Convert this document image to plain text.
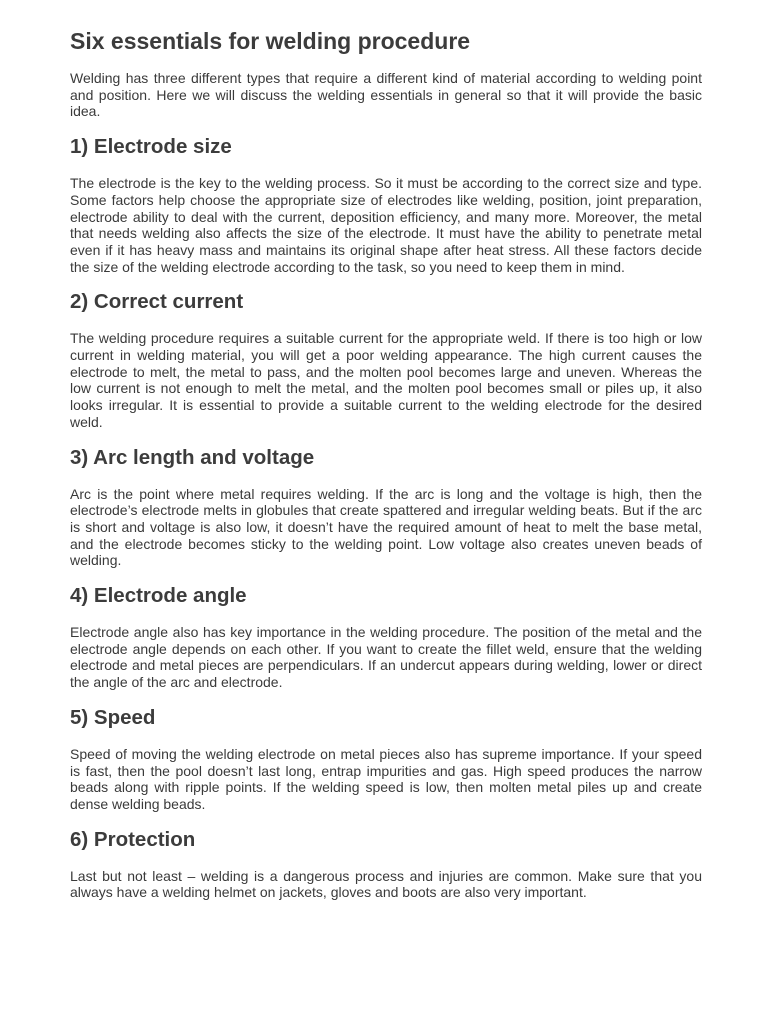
Six essentials for welding procedure

Welding has three different types that require a different kind of material according to welding point and position. Here we will discuss the welding essentials in general so that it will provide the basic idea.

1) Electrode size

The electrode is the key to the welding process. So it must be according to the correct size and type. Some factors help choose the appropriate size of electrodes like welding, position, joint preparation, electrode ability to deal with the current, deposition efficiency, and many more. Moreover, the metal that needs welding also affects the size of the electrode. It must have the ability to penetrate metal even if it has heavy mass and maintains its original shape after heat stress. All these factors decide the size of the welding electrode according to the task, so you need to keep them in mind.

2) Correct current

The welding procedure requires a suitable current for the appropriate weld. If there is too high or low current in welding material, you will get a poor welding appearance. The high current causes the electrode to melt, the metal to pass, and the molten pool becomes large and uneven. Whereas the low current is not enough to melt the metal, and the molten pool becomes small or piles up, it also looks irregular. It is essential to provide a suitable current to the welding electrode for the desired weld.

3) Arc length and voltage

Arc is the point where metal requires welding. If the arc is long and the voltage is high, then the electrode’s electrode melts in globules that create spattered and irregular welding beats. But if the arc is short and voltage is also low, it doesn’t have the required amount of heat to melt the base metal, and the electrode becomes sticky to the welding point. Low voltage also creates uneven beads of welding.

4) Electrode angle

Electrode angle also has key importance in the welding procedure. The position of the metal and the electrode angle depends on each other. If you want to create the fillet weld, ensure that the welding electrode and metal pieces are perpendiculars. If an undercut appears during welding, lower or direct the angle of the arc and electrode.

5) Speed

Speed of moving the welding electrode on metal pieces also has supreme importance. If your speed is fast, then the pool doesn’t last long, entrap impurities and gas. High speed produces the narrow beads along with ripple points. If the welding speed is low, then molten metal piles up and create dense welding beads.

6) Protection

Last but not least – welding is a dangerous process and injuries are common. Make sure that you always have a welding helmet on jackets, gloves and boots are also very important.
